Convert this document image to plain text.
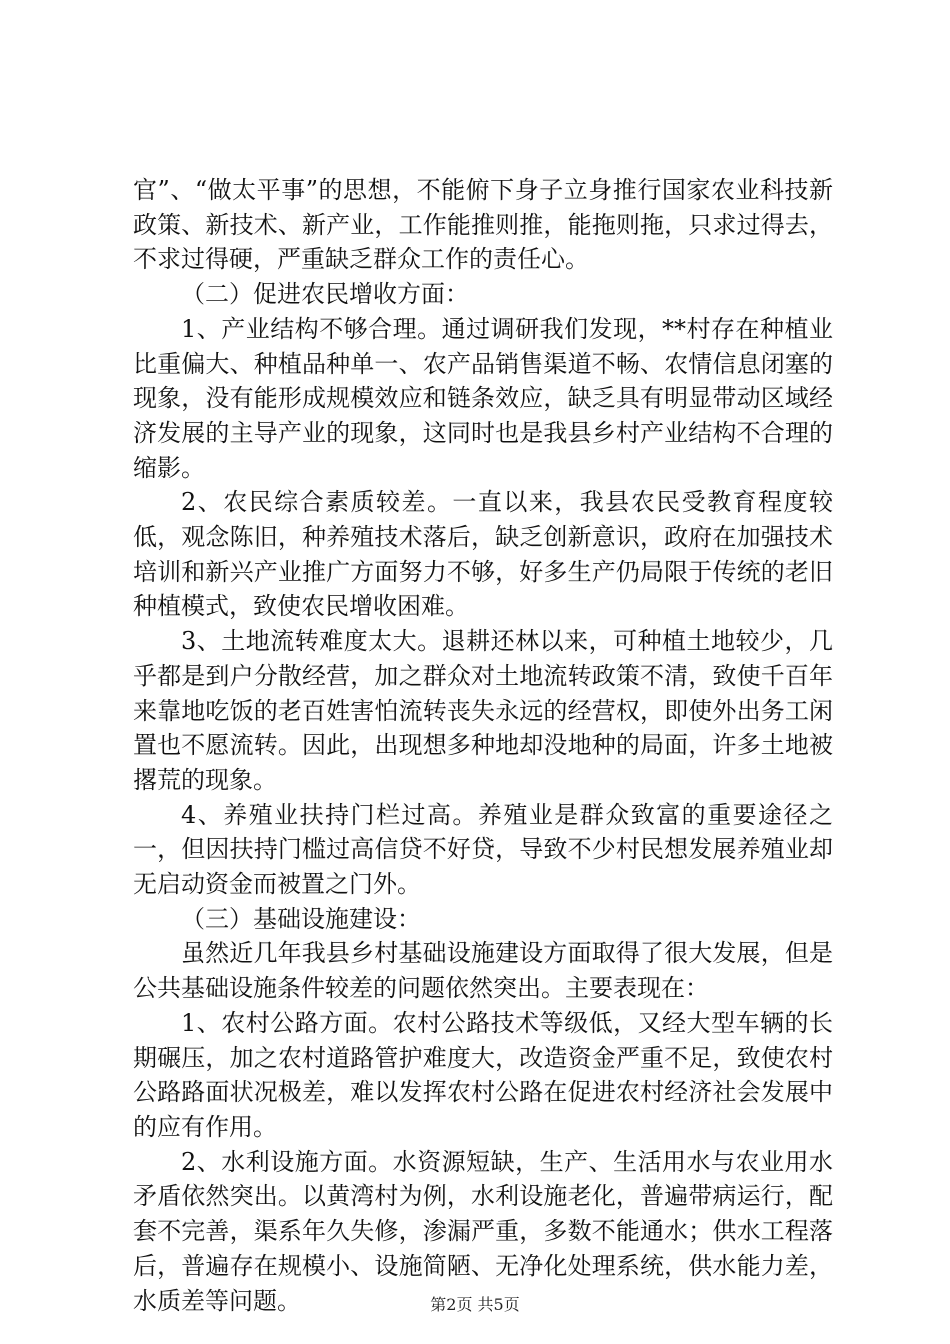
官”、“做太平事”的思想，不能俯下身子立身推行国家农业科技新政策、新技术、新产业，工作能推则推，能拖则拖，只求过得去，不求过得硬，严重缺乏群众工作的责任心。

（二）促进农民增收方面：

1、产业结构不够合理。通过调研我们发现，**村存在种植业比重偏大、种植品种单一、农产品销售渠道不畅、农情信息闭塞的现象，没有能形成规模效应和链条效应，缺乏具有明显带动区域经济发展的主导产业的现象，这同时也是我县乡村产业结构不合理的缩影。

2、农民综合素质较差。一直以来，我县农民受教育程度较低，观念陈旧，种养殖技术落后，缺乏创新意识，政府在加强技术培训和新兴产业推广方面努力不够，好多生产仍局限于传统的老旧种植模式，致使农民增收困难。

3、土地流转难度太大。退耕还林以来，可种植土地较少，几乎都是到户分散经营，加之群众对土地流转政策不清，致使千百年来靠地吃饭的老百姓害怕流转丧失永远的经营权，即使外出务工闲置也不愿流转。因此，出现想多种地却没地种的局面，许多土地被撂荒的现象。

4、养殖业扶持门栏过高。养殖业是群众致富的重要途径之一，但因扶持门槛过高信贷不好贷，导致不少村民想发展养殖业却无启动资金而被置之门外。

（三）基础设施建设：

虽然近几年我县乡村基础设施建设方面取得了很大发展，但是公共基础设施条件较差的问题依然突出。主要表现在：

1、农村公路方面。农村公路技术等级低，又经大型车辆的长期碾压，加之农村道路管护难度大，改造资金严重不足，致使农村公路路面状况极差，难以发挥农村公路在促进农村经济社会发展中的应有作用。

2、水利设施方面。水资源短缺，生产、生活用水与农业用水矛盾依然突出。以黄湾村为例，水利设施老化，普遍带病运行，配套不完善，渠系年久失修，渗漏严重，多数不能通水；供水工程落后，普遍存在规模小、设施简陋、无净化处理系统，供水能力差，水质差等问题。	第2页 共5页
